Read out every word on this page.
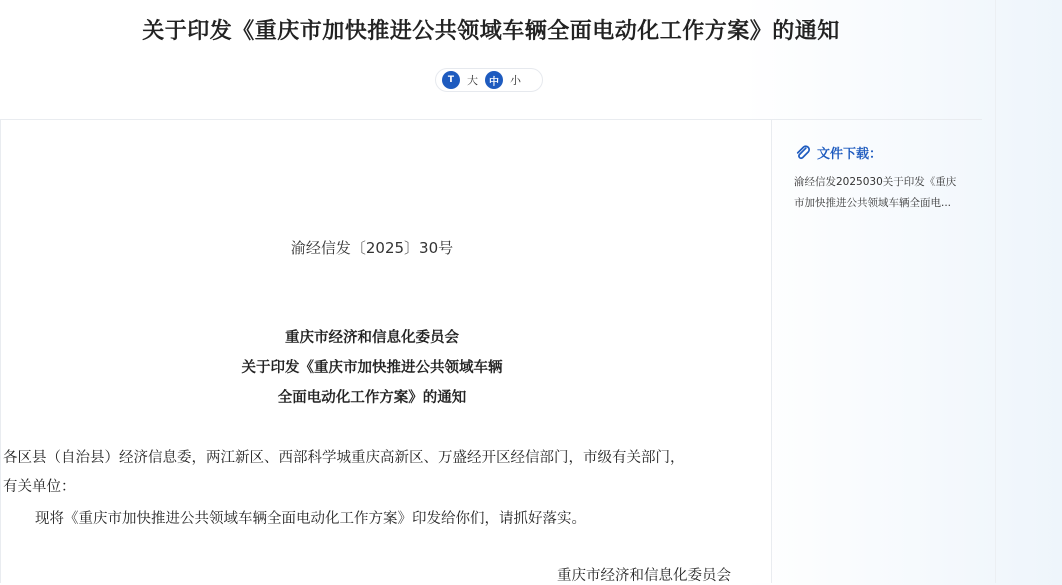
关于印发《重庆市加快推进公共领域车辆全面电动化工作方案》的通知
T	大	中	小
渝经信发〔2025〕30号
重庆市经济和信息化委员会
关于印发《重庆市加快推进公共领域车辆
全面电动化工作方案》的通知
各区县（自治县）经济信息委，两江新区、西部科学城重庆高新区、万盛经开区经信部门，市级有关部门，
有关单位：
现将《重庆市加快推进公共领域车辆全面电动化工作方案》印发给你们，请抓好落实。
重庆市经济和信息化委员会
文件下载：
渝经信发2025030关于印发《重庆
市加快推进公共领域车辆全面电...
